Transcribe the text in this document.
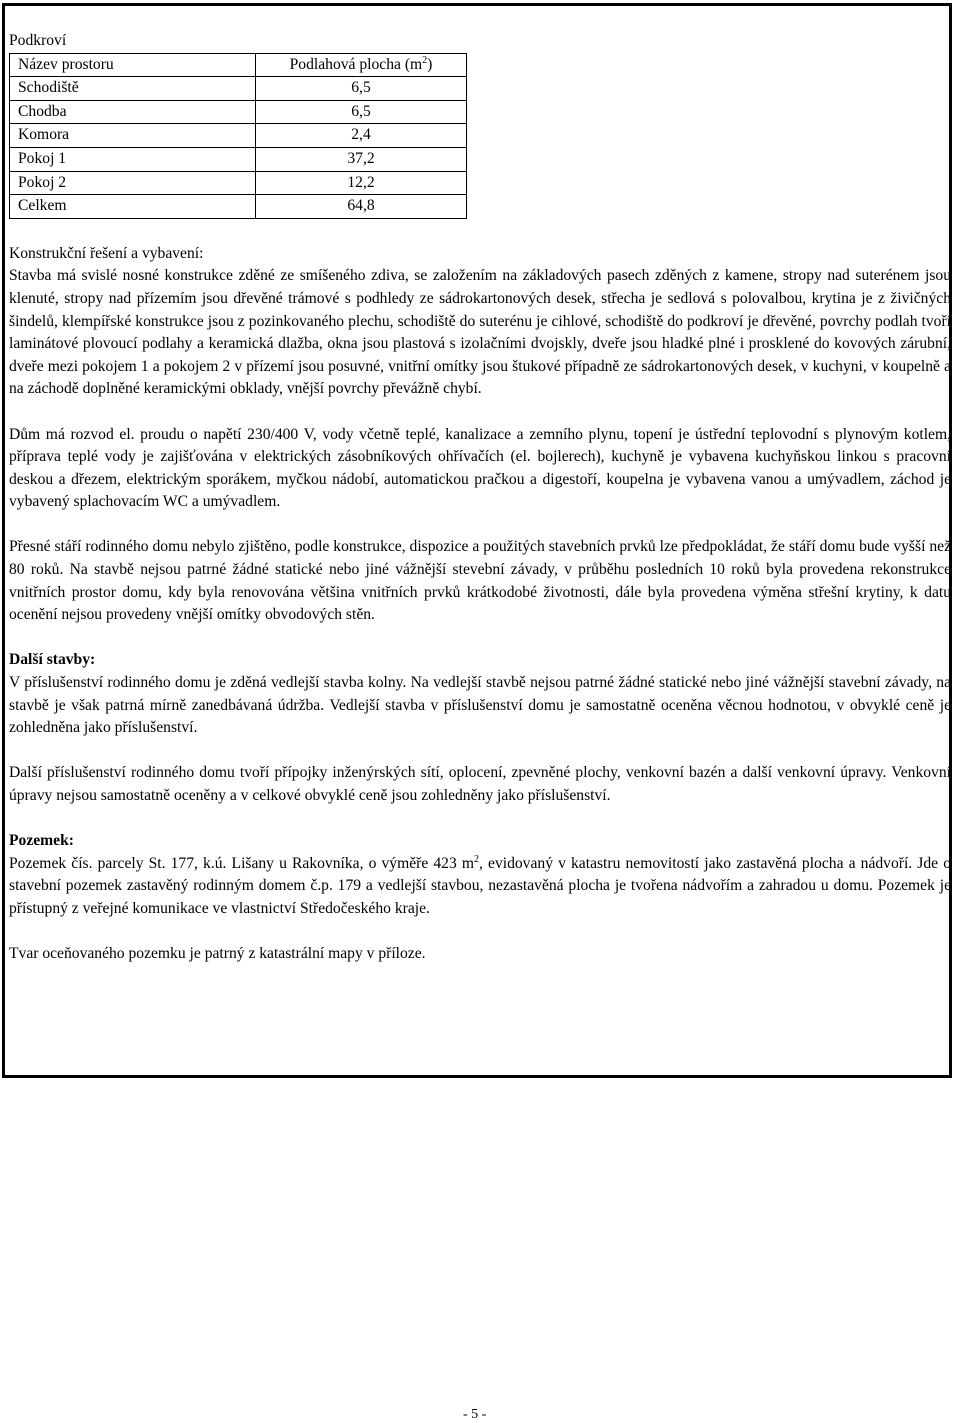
Podkroví

Název prostoru	Podlahová plocha $(m^2)$
Schodiště	6,5
Chodba	6,5
Komora	2,4
Pokoj 1	37,2
Pokoj 2	12,2
Celkem	64,8

Konstrukční řešení a vybavení:

Stavba má svislé nosné konstrukce zděné ze smíšeného zdiva, se založením na základových pasech zděných z kamene, stropy nad suterénem jsou klenuté, stropy nad přízemím jsou dřevěné trámové s podhledy ze sádrokartonových desek, střecha je sedlová s polovalbou, krytina je z živičných šindelů, klempířské konstrukce jsou z pozinkovaného plechu, schodiště do suterénu je cihlové, schodiště do podkroví je dřevěné, povrchy podlah tvoří laminátové plovoucí podlahy a keramická dlažba, okna jsou plastová s izolačními dvojskly, dveře jsou hladké plné i prosklené do kovových zárubní, dveře mezi pokojem 1 a pokojem 2 v přízemí jsou posuvné, vnitřní omítky jsou štukové případně ze sádrokartonových desek, v kuchyni, v koupelně a na záchodě doplněné keramickými obklady, vnější povrchy převážně chybí.

Dům má rozvod el. proudu o napětí 230/400 V, vody včetně teplé, kanalizace a zemního plynu, topení je ústřední teplovodní s plynovým kotlem, příprava teplé vody je zajišťována v elektrických zásobníkových ohřívačích (el. bojlerech), kuchyně je vybavena kuchyňskou linkou s pracovní deskou a dřezem, elektrickým sporákem, myčkou nádobí, automatickou pračkou a digestoří, koupelna je vybavena vanou a umývadlem, záchod je vybavený splachovacím WC a umývadlem.

Přesné stáří rodinného domu nebylo zjištěno, podle konstrukce, dispozice a použitých stavebních prvků lze předpokládat, že stáří domu bude vyšší než 80 roků. Na stavbě nejsou patrné žádné statické nebo jiné vážnější stevební závady, v průběhu posledních 10 roků byla provedena rekonstrukce vnitřních prostor domu, kdy byla renovována většina vnitřních prvků krátkodobé životnosti, dále byla provedena výměna střešní krytiny, k datu ocenění nejsou provedeny vnější omítky obvodových stěn.

Další stavby:

V příslušenství rodinného domu je zděná vedlejší stavba kolny. Na vedlejší stavbě nejsou patrné žádné statické nebo jiné vážnější stavební závady, na stavbě je však patrná mírně zanedbávaná údržba. Vedlejší stavba v příslušenství domu je samostatně oceněna věcnou hodnotou, v obvyklé ceně je zohledněna jako příslušenství.

Další příslušenství rodinného domu tvoří přípojky inženýrských sítí, oplocení, zpevněné plochy, venkovní bazén a další venkovní úpravy. Venkovní úpravy nejsou samostatně oceněny a v celkové obvyklé ceně jsou zohledněny jako příslušenství.

Pozemek:

Pozemek čís. parcely St. 177, k.ú. Lišany u Rakovníka, o výměře 423 $m^2$, evidovaný v katastru nemovitostí jako zastavěná plocha a nádvoří. Jde o stavební pozemek zastavěný rodinným domem č.p. 179 a vedlejší stavbou, nezastavěná plocha je tvořena nádvořím a zahradou u domu. Pozemek je přístupný z veřejné komunikace ve vlastnictví Středočeského kraje.

Tvar oceňovaného pozemku je patrný z katastrální mapy v příloze.

- 5 -
